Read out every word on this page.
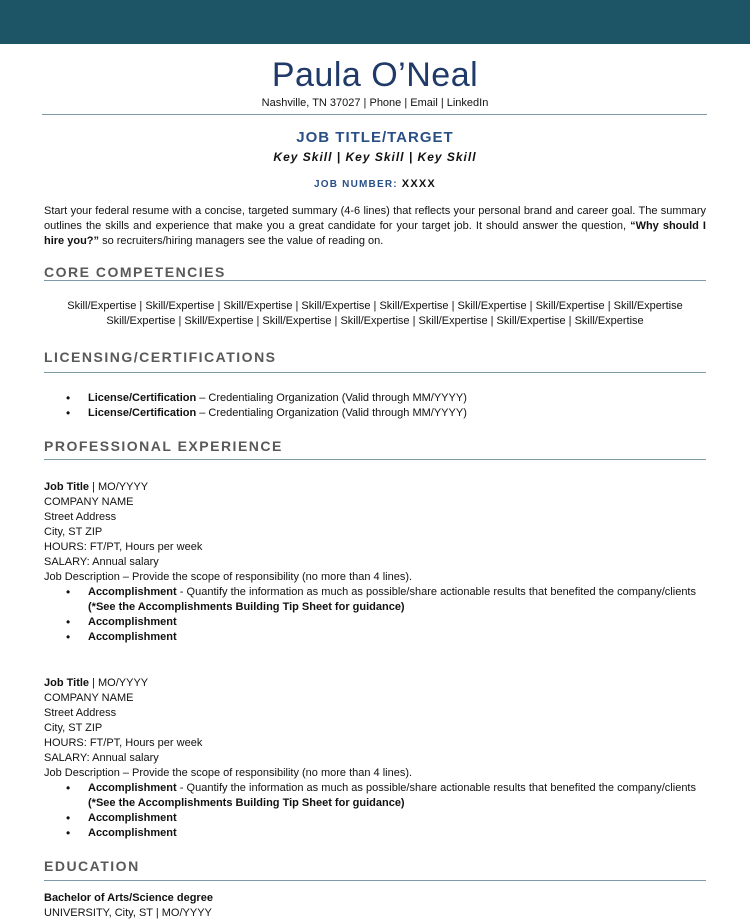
Paula O’Neal
Nashville, TN 37027 | Phone | Email | LinkedIn
JOB TITLE/TARGET
Key Skill | Key Skill | Key Skill
JOB NUMBER: XXXX
Start your federal resume with a concise, targeted summary (4-6 lines) that reflects your personal brand and career goal. The summary outlines the skills and experience that make you a great candidate for your target job. It should answer the question, “Why should I hire you?” so recruiters/hiring managers see the value of reading on.
CORE COMPETENCIES
Skill/Expertise | Skill/Expertise | Skill/Expertise | Skill/Expertise | Skill/Expertise | Skill/Expertise | Skill/Expertise | Skill/Expertise
Skill/Expertise | Skill/Expertise | Skill/Expertise | Skill/Expertise | Skill/Expertise | Skill/Expertise | Skill/Expertise
LICENSING/CERTIFICATIONS
• License/Certification – Credentialing Organization (Valid through MM/YYYY)
• License/Certification – Credentialing Organization (Valid through MM/YYYY)
PROFESSIONAL EXPERIENCE
Job Title | MO/YYYY
COMPANY NAME
Street Address
City, ST ZIP
HOURS: FT/PT, Hours per week
SALARY: Annual salary
Job Description – Provide the scope of responsibility (no more than 4 lines).
• Accomplishment - Quantify the information as much as possible/share actionable results that benefited the company/clients (*See the Accomplishments Building Tip Sheet for guidance)
• Accomplishment
• Accomplishment
Job Title | MO/YYYY
COMPANY NAME
Street Address
City, ST ZIP
HOURS: FT/PT, Hours per week
SALARY: Annual salary
Job Description – Provide the scope of responsibility (no more than 4 lines).
• Accomplishment - Quantify the information as much as possible/share actionable results that benefited the company/clients (*See the Accomplishments Building Tip Sheet for guidance)
• Accomplishment
• Accomplishment
EDUCATION
Bachelor of Arts/Science degree
UNIVERSITY, City, ST | MO/YYYY
